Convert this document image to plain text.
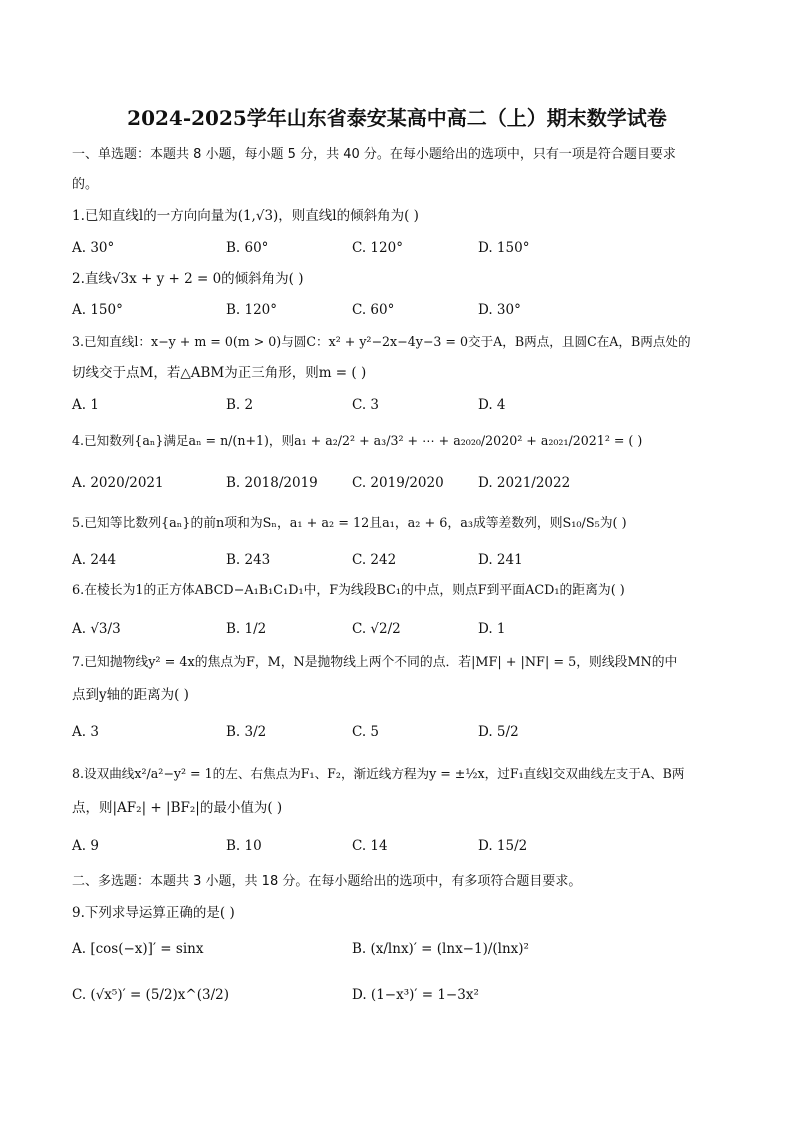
2024-2025学年山东省泰安某高中高二（上）期末数学试卷
一、单选题：本题共 8 小题，每小题 5 分，共 40 分。在每小题给出的选项中，只有一项是符合题目要求
的。
1.已知直线l的一方向向量为(1,√3)，则直线l的倾斜角为( )
A. 30°	B. 60°	C. 120°	D. 150°
2.直线√3x + y + 2 = 0的倾斜角为( )
A. 150°	B. 120°	C. 60°	D. 30°
3.已知直线l：x−y + m = 0(m > 0)与圆C：x² + y²−2x−4y−3 = 0交于A，B两点，且圆C在A，B两点处的
切线交于点M，若△ABM为正三角形，则m = ( )
A. 1	B. 2	C. 3	D. 4
4.已知数列{aₙ}满足aₙ = n/(n+1)，则a₁ + a₂/2² + a₃/3² + ⋯ + a₂₀₂₀/2020² + a₂₀₂₁/2021² = ( )
A. 2020/2021	B. 2018/2019	C. 2019/2020	D. 2021/2022
5.已知等比数列{aₙ}的前n项和为Sₙ，a₁ + a₂ = 12且a₁，a₂ + 6，a₃成等差数列，则S₁₀/S₅为( )
A. 244	B. 243	C. 242	D. 241
6.在棱长为1的正方体ABCD−A₁B₁C₁D₁中，F为线段BC₁的中点，则点F到平面ACD₁的距离为( )
A. √3/3	B. 1/2	C. √2/2	D. 1
7.已知抛物线y² = 4x的焦点为F，M，N是抛物线上两个不同的点．若|MF| + |NF| = 5，则线段MN的中
点到y轴的距离为( )
A. 3	B. 3/2	C. 5	D. 5/2
8.设双曲线x²/a²−y² = 1的左、右焦点为F₁、F₂，渐近线方程为y = ±½x，过F₁直线l交双曲线左支于A、B两
点，则|AF₂| + |BF₂|的最小值为( )
A. 9	B. 10	C. 14	D. 15/2
二、多选题：本题共 3 小题，共 18 分。在每小题给出的选项中，有多项符合题目要求。
9.下列求导运算正确的是( )
A. [cos(−x)]′ = sinx	B. (x/lnx)′ = (lnx−1)/(lnx)²
C. (√x⁵)′ = (5/2)x^(3/2)	D. (1−x³)′ = 1−3x²
